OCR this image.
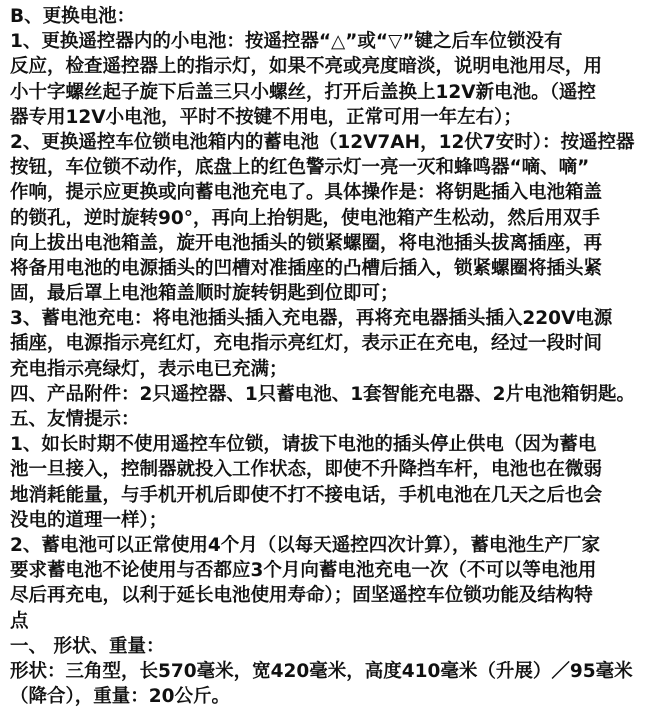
B、更换电池：
1、更换遥控器内的小电池：按遥控器“△”或“▽”键之后车位锁没有
反应，检查遥控器上的指示灯，如果不亮或亮度暗淡，说明电池用尽，用
小十字螺丝起子旋下后盖三只小螺丝，打开后盖换上12V新电池。（遥控
器专用12V小电池，平时不按键不用电，正常可用一年左右）；
2、更换遥控车位锁电池箱内的蓄电池（12V7AH，12伏7安时）：按遥控器
按钮，车位锁不动作，底盘上的红色警示灯一亮一灭和蜂鸣器“嘀、嘀”
作响，提示应更换或向蓄电池充电了。具体操作是：将钥匙插入电池箱盖
的锁孔，逆时旋转90°，再向上抬钥匙，使电池箱产生松动，然后用双手
向上拔出电池箱盖，旋开电池插头的锁紧螺圈，将电池插头拔离插座，再
将备用电池的电源插头的凹槽对准插座的凸槽后插入，锁紧螺圈将插头紧
固，最后罩上电池箱盖顺时旋转钥匙到位即可；
3、蓄电池充电：将电池插头插入充电器，再将充电器插头插入220V电源
插座，电源指示亮红灯，充电指示亮红灯，表示正在充电，经过一段时间
充电指示亮绿灯，表示电已充满；
四、产品附件：2只遥控器、1只蓄电池、1套智能充电器、2片电池箱钥匙。
五、友情提示：
1、如长时期不使用遥控车位锁，请拔下电池的插头停止供电（因为蓄电
池一旦接入，控制器就投入工作状态，即使不升降挡车杆，电池也在微弱
地消耗能量，与手机开机后即使不打不接电话，手机电池在几天之后也会
没电的道理一样）；
2、蓄电池可以正常使用4个月（以每天遥控四次计算），蓄电池生产厂家
要求蓄电池不论使用与否都应3个月向蓄电池充电一次（不可以等电池用
尽后再充电，以利于延长电池使用寿命）；固坚遥控车位锁功能及结构特
点
一、 形状、重量：
形状：三角型，长570毫米，宽420毫米，高度410毫米（升展）／95毫米
（降合），重量：20公斤。
